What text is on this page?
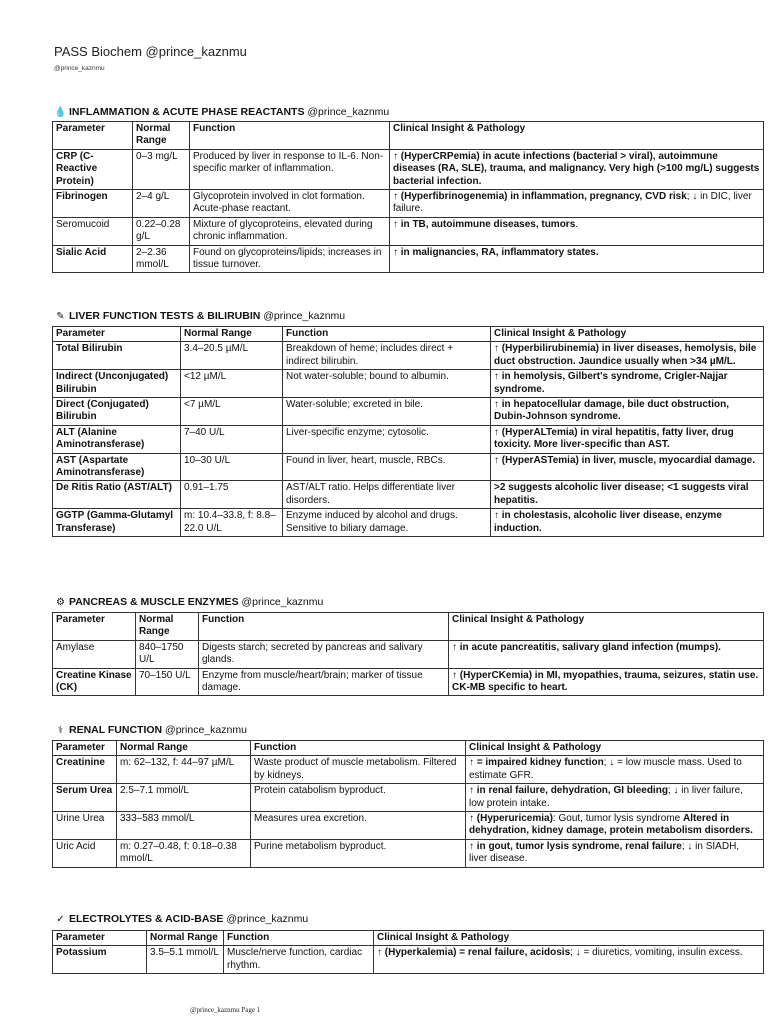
PASS Biochem @prince_kaznmu
@prince_kaznmu
💧 INFLAMMATION & ACUTE PHASE REACTANTS @prince_kaznmu
Parameter	Normal Range	Function	Clinical Insight & Pathology
CRP (C-Reactive Protein)	0–3 mg/L	Produced by liver in response to IL-6. Non-specific marker of inflammation.	↑ (HyperCRPemia) in acute infections (bacterial > viral), autoimmune diseases (RA, SLE), trauma, and malignancy. Very high (>100 mg/L) suggests bacterial infection.
Fibrinogen	2–4 g/L	Glycoprotein involved in clot formation. Acute-phase reactant.	↑ (Hyperfibrinogenemia) in inflammation, pregnancy, CVD risk; ↓ in DIC, liver failure.
Seromucoid	0.22–0.28 g/L	Mixture of glycoproteins, elevated during chronic inflammation.	↑ in TB, autoimmune diseases, tumors.
Sialic Acid	2–2.36 mmol/L	Found on glycoproteins/lipids; increases in tissue turnover.	↑ in malignancies, RA, inflammatory states.
✎ LIVER FUNCTION TESTS & BILIRUBIN @prince_kaznmu
Parameter	Normal Range	Function	Clinical Insight & Pathology
Total Bilirubin	3.4–20.5 µM/L	Breakdown of heme; includes direct + indirect bilirubin.	↑ (Hyperbilirubinemia) in liver diseases, hemolysis, bile duct obstruction. Jaundice usually when >34 µM/L.
Indirect (Unconjugated) Bilirubin	<12 µM/L	Not water-soluble; bound to albumin.	↑ in hemolysis, Gilbert's syndrome, Crigler-Najjar syndrome.
Direct (Conjugated) Bilirubin	<7 µM/L	Water-soluble; excreted in bile.	↑ in hepatocellular damage, bile duct obstruction, Dubin-Johnson syndrome.
ALT (Alanine Aminotransferase)	7–40 U/L	Liver-specific enzyme; cytosolic.	↑ (HyperALTemia) in viral hepatitis, fatty liver, drug toxicity. More liver-specific than AST.
AST (Aspartate Aminotransferase)	10–30 U/L	Found in liver, heart, muscle, RBCs.	↑ (HyperASTemia) in liver, muscle, myocardial damage.
De Ritis Ratio (AST/ALT)	0.91–1.75	AST/ALT ratio. Helps differentiate liver disorders.	>2 suggests alcoholic liver disease; <1 suggests viral hepatitis.
GGTP (Gamma-Glutamyl Transferase)	m: 10.4–33.8, f: 8.8–22.0 U/L	Enzyme induced by alcohol and drugs. Sensitive to biliary damage.	↑ in cholestasis, alcoholic liver disease, enzyme induction.
⚙ PANCREAS & MUSCLE ENZYMES @prince_kaznmu
Parameter	Normal Range	Function	Clinical Insight & Pathology
Amylase	840–1750 U/L	Digests starch; secreted by pancreas and salivary glands.	↑ in acute pancreatitis, salivary gland infection (mumps).
Creatine Kinase (CK)	70–150 U/L	Enzyme from muscle/heart/brain; marker of tissue damage.	↑ (HyperCKemia) in MI, myopathies, trauma, seizures, statin use. CK-MB specific to heart.
⚕ RENAL FUNCTION @prince_kaznmu
Parameter	Normal Range	Function	Clinical Insight & Pathology
Creatinine	m: 62–132, f: 44–97 µM/L	Waste product of muscle metabolism. Filtered by kidneys.	↑ = impaired kidney function; ↓ = low muscle mass. Used to estimate GFR.
Serum Urea	2.5–7.1 mmol/L	Protein catabolism byproduct.	↑ in renal failure, dehydration, GI bleeding; ↓ in liver failure, low protein intake.
Urine Urea	333–583 mmol/L	Measures urea excretion.	↑ (Hyperuricemia): Gout, tumor lysis syndrome Altered in dehydration, kidney damage, protein metabolism disorders.
Uric Acid	m: 0.27–0.48, f: 0.18–0.38 mmol/L	Purine metabolism byproduct.	↑ in gout, tumor lysis syndrome, renal failure; ↓ in SIADH, liver disease.
✓ ELECTROLYTES & ACID-BASE @prince_kaznmu
Parameter	Normal Range	Function	Clinical Insight & Pathology
Potassium	3.5–5.1 mmol/L	Muscle/nerve function, cardiac rhythm.	↑ (Hyperkalemia) = renal failure, acidosis; ↓ = diuretics, vomiting, insulin excess.
@prince_kaznmu Page 1
